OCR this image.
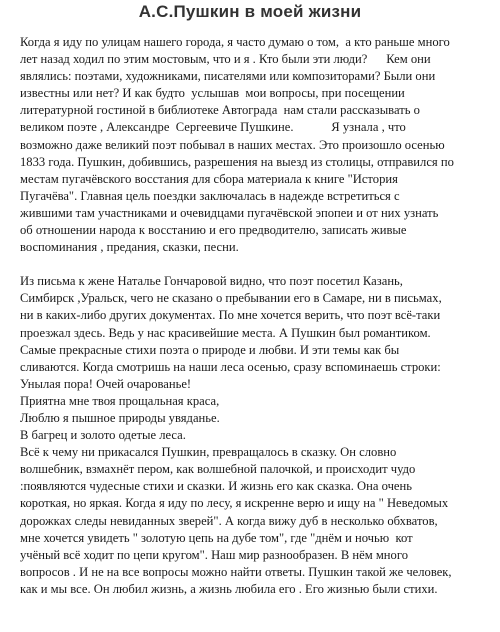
А.С.Пушкин в моей жизни
Когда я иду по улицам нашего города, я часто думаю о том,  а кто раньше много
лет назад ходил по этим мостовым, что и я . Кто были эти люди?      Кем они
являлись: поэтами, художниками, писателями или композиторами? Были они
известны или нет? И как будто  услышав  мои вопросы, при посещении
литературной гостиной в библиотеке Автограда  нам стали рассказывать о
великом поэте , Александре  Сергеевиче Пушкине.            Я узнала , что
возможно даже великий поэт побывал в наших местах. Это произошло осенью
1833 года. Пушкин, добившись, разрешения на выезд из столицы, отправился по
местам пугачёвского восстания для сбора материала к книге "История
Пугачёва". Главная цель поездки заключалась в надежде встретиться с
жившими там участниками и очевидцами пугачёвской эпопеи и от них узнать
об отношении народа к восстанию и его предводителю, записать живые
воспоминания , предания, сказки, песни.
Из письма к жене Наталье Гончаровой видно, что поэт посетил Казань,
Симбирск ,Уральск, чего не сказано о пребывании его в Самаре, ни в письмах,
ни в каких-либо других документах. По мне хочется верить, что поэт всё-таки
проезжал здесь. Ведь у нас красивейшие места. А Пушкин был романтиком.
Самые прекрасные стихи поэта о природе и любви. И эти темы как бы
сливаются. Когда смотришь на наши леса осенью, сразу вспоминаешь строки:
Унылая пора! Очей очарованье!
Приятна мне твоя прощальная краса,
Люблю я пышное природы увяданье.
В багрец и золото одетые леса.
Всё к чему ни прикасался Пушкин, превращалось в сказку. Он словно
волшебник, взмахнёт пером, как волшебной палочкой, и происходит чудо
:появляются чудесные стихи и сказки. И жизнь его как сказка. Она очень
короткая, но яркая. Когда я иду по лесу, я искренне верю и ищу на " Неведомых
дорожках следы невиданных зверей". А когда вижу дуб в несколько обхватов,
мне хочется увидеть " золотую цепь на дубе том", где "днём и ночью  кот
учёный всё ходит по цепи кругом". Наш мир разнообразен. В нём много
вопросов . И не на все вопросы можно найти ответы. Пушкин такой же человек,
как и мы все. Он любил жизнь, а жизнь любила его . Его жизнью были стихи.
